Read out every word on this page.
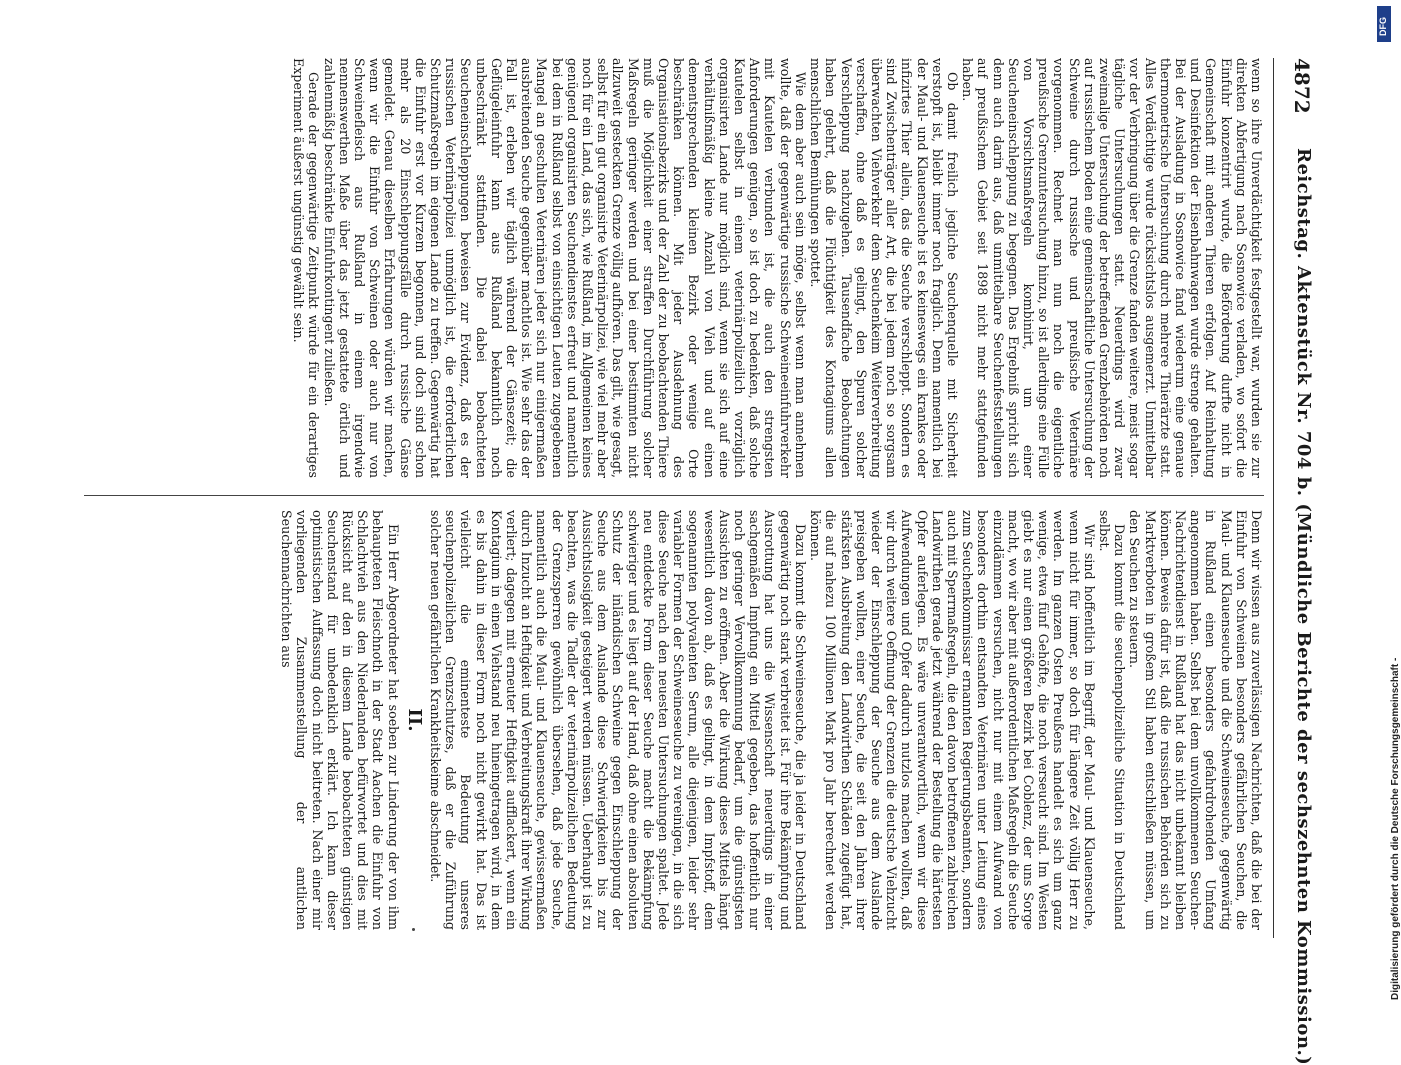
4872
Reichstag. Aktenstück Nr. 704 b. (Mündliche Berichte der sechszehnten Kommission.)

wenn so ihre Unverdächtigkeit festgestellt war, wurden sie zur direkten Abfertigung nach Sosnowice verladen, wo sofort die Einfuhr konzentrirt wurde, die Beförderung durfte nicht in Gemeinschaft mit anderen Thieren erfolgen. Auf Reinhaltung und Desinfektion der Eisenbahnwagen wurde strenge gehalten. Bei der Ausladung in Sosnowice fand wiederum eine genaue thermometrische Untersuchung durch mehrere Thierärzte statt. Alles Verdächtige wurde rücksichtslos ausgemerzt. Unmittelbar vor der Verbringung über die Grenze fanden weitere, meist sogar tägliche Untersuchungen statt. Neuerdings wird zwar zweimalige Untersuchung der betreffenden Grenzbehörden noch auf russischem Boden eine gemeinschaftliche Untersuchung der Schweine durch russische und preußische Veterinäre vorgenommen. Rechnet man nun noch die eigentliche preußische Grenzuntersuchung hinzu, so ist allerdings eine Fülle von Vorsichtsmaßregeln kombinirt, um einer Seucheneinschleppung zu begegnen. Das Ergebniß spricht sich denn auch darin aus, daß unmittelbare Seuchenfeststellungen auf preußischem Gebiet seit 1898 nicht mehr stattgefunden haben.

Ob damit freilich jegliche Seuchenquelle mit Sicherheit verstopft ist, bleibt immer noch fraglich. Denn namentlich bei der Maul- und Klauenseuche ist es keineswegs ein krankes oder infizirtes Thier allein, das die Seuche verschleppt. Sondern es sind Zwischenträger aller Art, die bei jedem noch so sorgsam überwachten Viehverkehr dem Seuchenkeim Weiterverbreitung verschaffen, ohne daß es gelingt, den Spuren solcher Verschleppung nachzugehen. Tausendfache Beobachtungen haben gelehrt, daß die Flüchtigkeit des Kontagiums allen menschlichen Bemühungen spottet.

Wie dem aber auch sein möge, selbst wenn man annehmen wollte, daß der gegenwärtige russische Schweineeinfuhrverkehr mit Kautelen verbunden ist, die auch den strengsten Anforderungen genügen, so ist doch zu bedenken, daß solche Kautelen selbst in einem veterinärpolizeilich vorzüglich organisirten Lande nur möglich sind, wenn sie sich auf eine verhältnißmäßig kleine Anzahl von Vieh und auf einen dementsprechenden kleinen Bezirk oder wenige Orte beschränken können. Mit jeder Ausdehnung des Organisationsbezirks und der Zahl der zu beobachtenden Thiere muß die Möglichkeit einer straffen Durchführung solcher Maßregeln geringer werden und bei einer bestimmten nicht allzuweit gesteckten Grenze völlig aufhören. Das gilt, wie gesagt, selbst für ein gut organisirte Veterinärpolizei, wie viel mehr aber noch für ein Land, das sich, wie Rußland, im Allgemeinen keines genügend organisirten Seuchendienstes erfreut und namentlich bei dem in Rußland selbst von einsichtigen Leuten zugegebenen Mangel an geschulten Veterinären jeder sich nur einigermaßen ausbreitenden Seuche gegenüber machtlos ist. Wie sehr das der Fall ist, erleben wir täglich während der Gänsezeit; die Geflügeleinfuhr kann aus Rußland bekanntlich noch unbeschränkt stattfinden. Die dabei beobachteten Seucheneinschleppungen beweisen zur Evidenz, daß es der russischen Veterinärpolizei unmöglich ist, die erforderlichen Schutzmaßregeln im eigenen Lande zu treffen. Gegenwärtig hat die Einfuhr erst vor Kurzem begonnen, und doch sind schon mehr als 20 Einschleppungsfälle durch russische Gänse gemeldet. Genau dieselben Erfahrungen würden wir machen, wenn wir die Einfuhr von Schweinen oder auch nur von Schweinefleisch aus Rußland in einem irgendwie nennenswerthen Maße über das jetzt gestattete örtlich und zahlenmäßig beschränkte Einfuhrkontingent zuließen.

Gerade der gegenwärtige Zeitpunkt würde für ein derartiges Experiment äußerst ungünstig gewählt sein.

Denn wir wissen aus zuverlässigen Nachrichten, daß die bei der Einfuhr von Schweinen besonders gefährlichen Seuchen, die Maul- und Klauenseuche und die Schweineseuche, gegenwärtig in Rußland einen besonders gefahrdrohenden Umfang angenommen haben. Selbst bei dem unvollkommenen Seuchen-Nachrichtendienst in Rußland hat das nicht unbekannt bleiben können. Beweis dafür ist, daß die russischen Behörden sich zu Marktverboten in großem Stil haben entschließen müssen, um den Seuchen zu steuern.

Dazu kommt die seuchenpolizeiliche Situation in Deutschland selbst.

Wir sind hoffentlich im Begriff, der Maul- und Klauenseuche, wenn nicht für immer, so doch für längere Zeit völlig Herr zu werden. Im ganzen Osten Preußens handelt es sich um ganz wenige, etwa fünf Gehöfte, die noch verseucht sind. Im Westen giebt es nur einen größeren Bezirk bei Coblenz, der uns Sorge macht, wo wir aber mit außerordentlichen Maßregeln die Seuche einzudämmen versuchen, nicht nur mit einem Aufwand von besonders dorthin entsandten Veterinären unter Leitung eines zum Seuchenkommissar ernannten Regierungsbeamten, sondern auch mit Sperrmaßregeln, die den davon betroffenen zahlreichen Landwirthen gerade jetzt während der Bestellung die härtesten Opfer auferlegen. Es wäre unverantwortlich, wenn wir diese Aufwendungen und Opfer dadurch nutzlos machen wollten, daß wir durch weitere Oeffnung der Grenzen die deutsche Viehzucht wieder der Einschleppung der Seuche aus dem Auslande preisgeben wollten, einer Seuche, die seit den Jahren ihrer stärksten Ausbreitung den Landwirthen Schäden zugefügt hat, die auf nahezu 100 Millionen Mark pro Jahr berechnet werden können.

Dazu kommt die Schweineseuche, die ja leider in Deutschland gegenwärtig noch stark verbreitet ist. Für ihre Bekämpfung und Ausrottung hat uns die Wissenschaft neuerdings in einer sachgemäßen Impfung ein Mittel gegeben, das hoffentlich nur noch geringer Vervollkommnung bedarf, um die günstigsten Aussichten zu eröffnen. Aber die Wirkung dieses Mittels hängt wesentlich davon ab, daß es gelingt, in dem Impfstoff, dem sogenannten polyvalenten Serum, alle diejenigen, leider sehr variabler Formen der Schweineseuche zu vereinigen, in die sich diese Seuche nach den neuesten Untersuchungen spaltet. Jede neu entdeckte Form dieser Seuche macht die Bekämpfung schwieriger und es liegt auf der Hand, daß ohne einen absoluten Schutz der inländischen Schweine gegen Einschleppung der Seuche aus dem Auslande diese Schwierigkeiten bis zur Aussichtslosigkeit gesteigert werden müssen. Ueberhaupt ist zu beachten, was die Tadler der veterinärpolizeilichen Bedeutung der Grenzsperren gewöhnlich übersehen, daß jede Seuche, namentlich auch die Maul- und Klauenseuche, gewissermaßen durch Inzucht an Heftigkeit und Verbreitungskraft ihrer Wirkung verliert; dagegen mit erneuter Heftigkeit aufflackert, wenn ein Kontagium in einen Viehstand neu hineingetragen wird, in dem es bis dahin in dieser Form noch nicht gewirkt hat. Das ist vielleicht die eminenteste Bedeutung unseres seuchenpolizeilichen Grenzschutzes, daß er die Zuführung solcher neuen gefährlichen Krankheitskeime abschneidet.

II.

Ein Herr Abgeordneter hat soeben zur Linderung der von ihm behaupteten Fleischnoth in der Stadt Aachen die Einfuhr von Schlachtvieh aus den Niederlanden befürwortet und dies mit Rücksicht auf den in diesem Lande beobachteten günstigen Seuchenstand für unbedenklich erklärt. Ich kann dieser optimistischen Auffassung doch nicht beitreten. Nach einer mir vorliegenden Zusammenstellung der amtlichen Seuchennachrichten aus

Digitalisierung gefördert durch die Deutsche Forschungsgemeinschaft -
DFG
